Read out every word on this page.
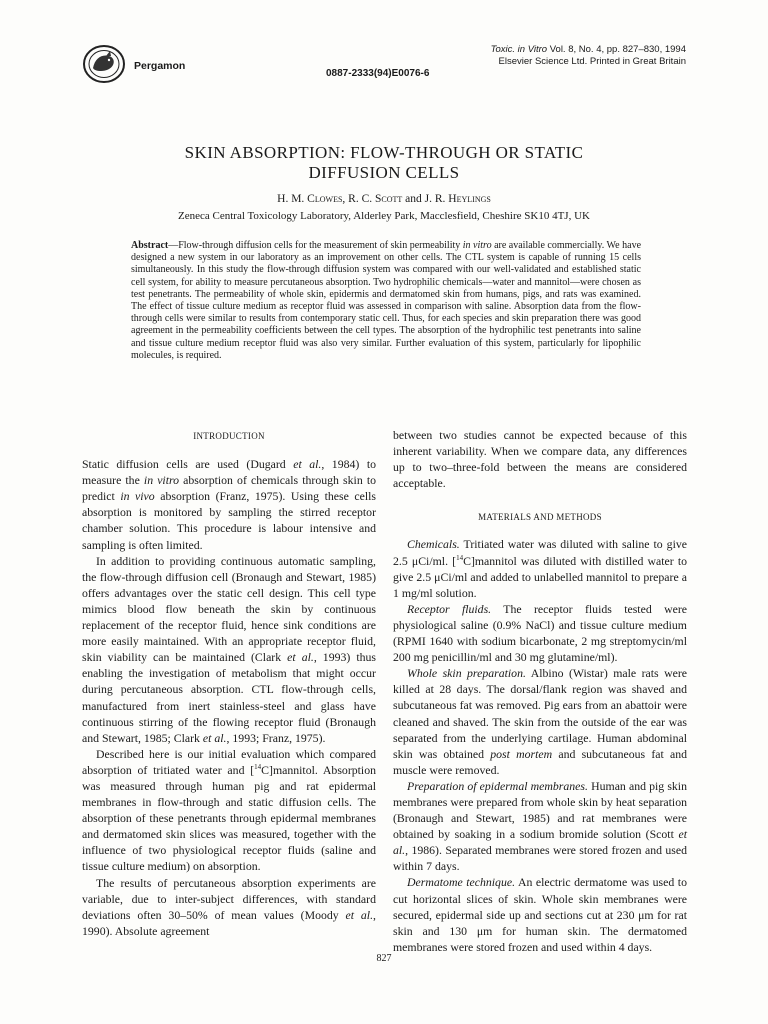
Pergamon
0887-2333(94)E0076-6
Toxic. in Vitro Vol. 8, No. 4, pp. 827–830, 1994
Elsevier Science Ltd. Printed in Great Britain
SKIN ABSORPTION: FLOW-THROUGH OR STATIC
DIFFUSION CELLS
H. M. Clowes, R. C. Scott and J. R. Heylings
Zeneca Central Toxicology Laboratory, Alderley Park, Macclesfield, Cheshire SK10 4TJ, UK
Abstract—Flow-through diffusion cells for the measurement of skin permeability in vitro are available commercially. We have designed a new system in our laboratory as an improvement on other cells. The CTL system is capable of running 15 cells simultaneously. In this study the flow-through diffusion system was compared with our well-validated and established static cell system, for ability to measure percutaneous absorption. Two hydrophilic chemicals—water and mannitol—were chosen as test penetrants. The permeability of whole skin, epidermis and dermatomed skin from humans, pigs, and rats was examined. The effect of tissue culture medium as receptor fluid was assessed in comparison with saline. Absorption data from the flow-through cells were similar to results from contemporary static cell. Thus, for each species and skin preparation there was good agreement in the permeability coefficients between the cell types. The absorption of the hydrophilic test penetrants into saline and tissue culture medium receptor fluid was also very similar. Further evaluation of this system, particularly for lipophilic molecules, is required.
INTRODUCTION

Static diffusion cells are used (Dugard et al., 1984) to measure the in vitro absorption of chemicals through skin to predict in vivo absorption (Franz, 1975). Using these cells absorption is monitored by sampling the stirred receptor chamber solution. This procedure is labour intensive and sampling is often limited.

In addition to providing continuous automatic sampling, the flow-through diffusion cell (Bronaugh and Stewart, 1985) offers advantages over the static cell design. This cell type mimics blood flow beneath the skin by continuous replacement of the receptor fluid, hence sink conditions are more easily maintained. With an appropriate receptor fluid, skin viability can be maintained (Clark et al., 1993) thus enabling the investigation of metabolism that might occur during percutaneous absorption. CTL flow-through cells, manufactured from inert stainless-steel and glass have continuous stirring of the flowing receptor fluid (Bronaugh and Stewart, 1985; Clark et al., 1993; Franz, 1975).

Described here is our initial evaluation which compared absorption of tritiated water and [$^{14}$C]mannitol. Absorption was measured through human pig and rat epidermal membranes in flow-through and static diffusion cells. The absorption of these penetrants through epidermal membranes and dermatomed skin slices was measured, together with the influence of two physiological receptor fluids (saline and tissue culture medium) on absorption.

The results of percutaneous absorption experiments are variable, due to inter-subject differences, with standard deviations often 30–50% of mean values (Moody et al., 1990). Absolute agreement

between two studies cannot be expected because of this inherent variability. When we compare data, any differences up to two–three-fold between the means are considered acceptable.

MATERIALS AND METHODS

Chemicals. Tritiated water was diluted with saline to give 2.5 μCi/ml. [$^{14}$C]mannitol was diluted with distilled water to give 2.5 μCi/ml and added to unlabelled mannitol to prepare a 1 mg/ml solution.

Receptor fluids. The receptor fluids tested were physiological saline (0.9% NaCl) and tissue culture medium (RPMI 1640 with sodium bicarbonate, 2 mg streptomycin/ml 200 mg penicillin/ml and 30 mg glutamine/ml).

Whole skin preparation. Albino (Wistar) male rats were killed at 28 days. The dorsal/flank region was shaved and subcutaneous fat was removed. Pig ears from an abattoir were cleaned and shaved. The skin from the outside of the ear was separated from the underlying cartilage. Human abdominal skin was obtained post mortem and subcutaneous fat and muscle were removed.

Preparation of epidermal membranes. Human and pig skin membranes were prepared from whole skin by heat separation (Bronaugh and Stewart, 1985) and rat membranes were obtained by soaking in a sodium bromide solution (Scott et al., 1986). Separated membranes were stored frozen and used within 7 days.

Dermatome technique. An electric dermatome was used to cut horizontal slices of skin. Whole skin membranes were secured, epidermal side up and sections cut at 230 μm for rat skin and 130 μm for human skin. The dermatomed membranes were stored frozen and used within 4 days.

827
